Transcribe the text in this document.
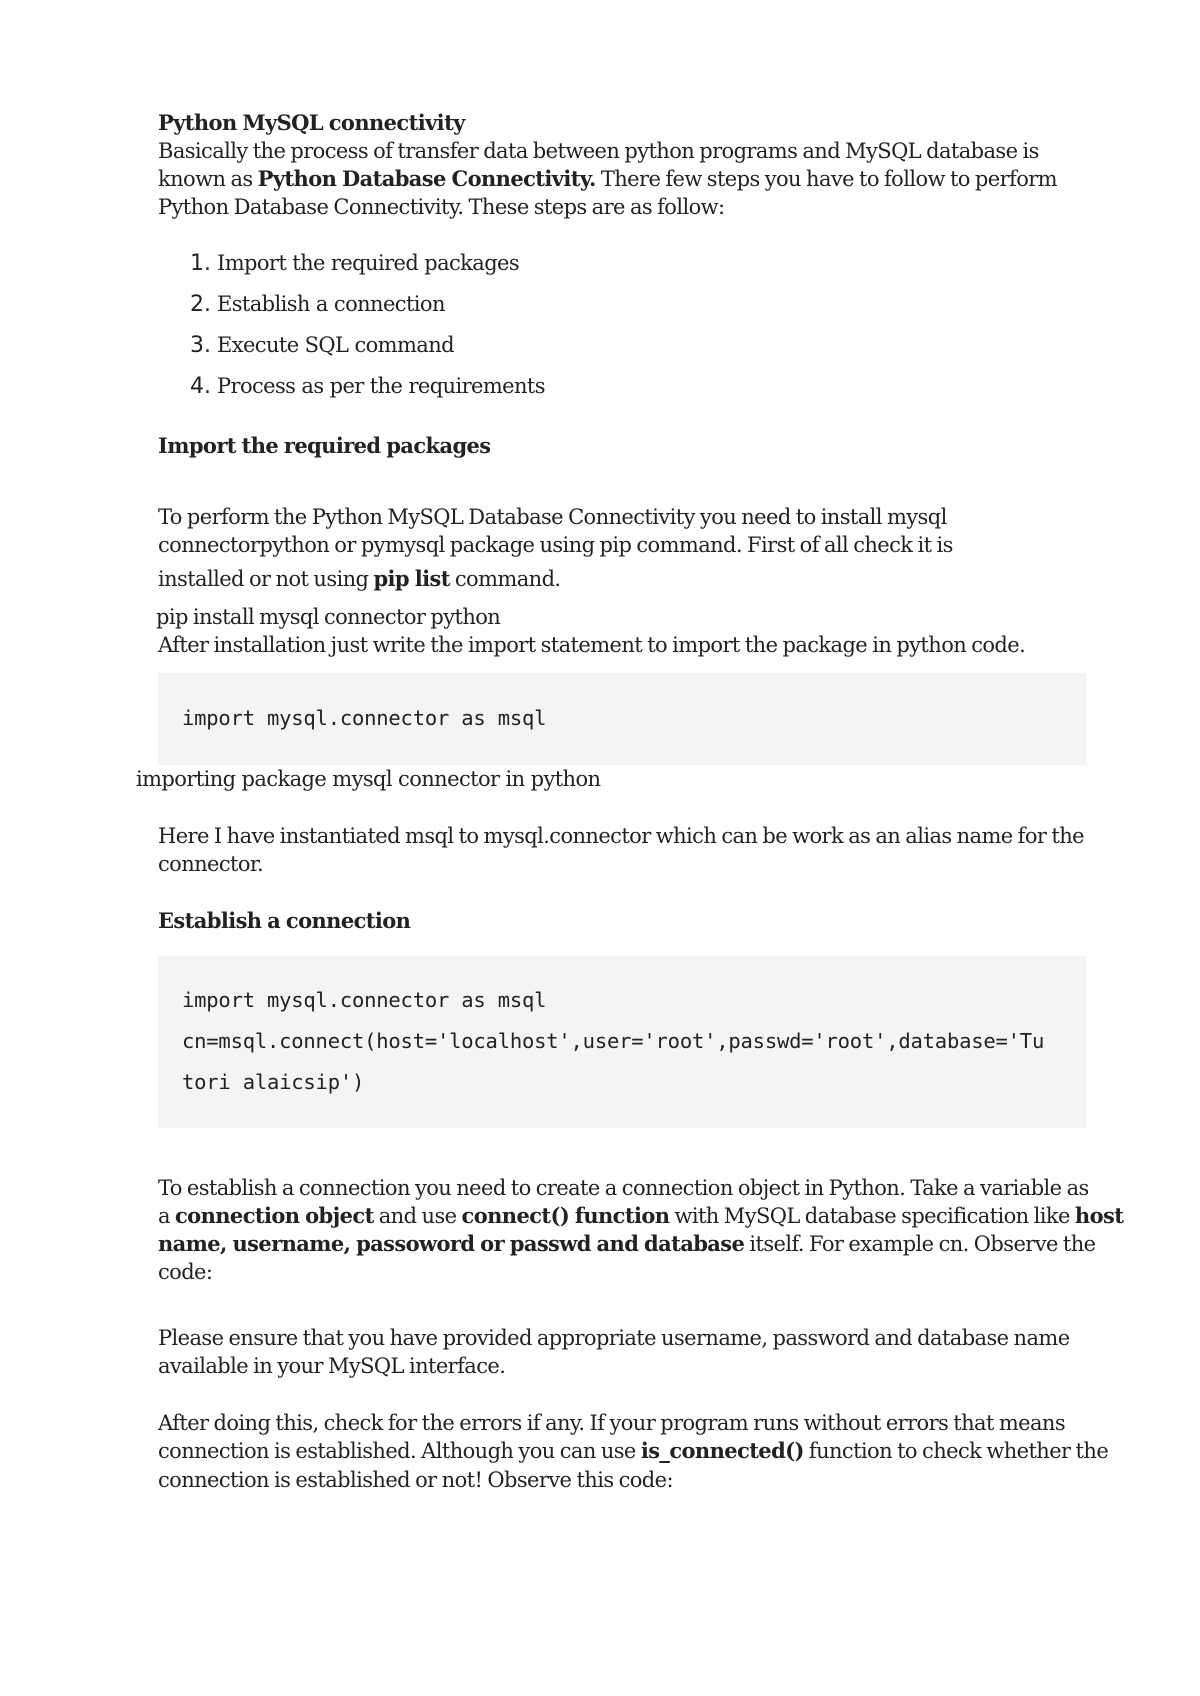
Python MySQL connectivity
Basically the process of transfer data between python programs and MySQL database is
known as Python Database Connectivity. There few steps you have to follow to perform
Python Database Connectivity. These steps are as follow:
1. Import the required packages
2. Establish a connection
3. Execute SQL command
4. Process as per the requirements
Import the required packages
To perform the Python MySQL Database Connectivity you need to install mysql
connectorpython or pymysql package using pip command. First of all check it is
installed or not using pip list command.
pip install mysql connector python
After installation just write the import statement to import the package in python code.
import mysql.connector as msql
importing package mysql connector in python
Here I have instantiated msql to mysql.connector which can be work as an alias name for the
connector.
Establish a connection
import mysql.connector as msql
cn=msql.connect(host='localhost',user='root',passwd='root',database='Tu
tori alaicsip')
To establish a connection you need to create a connection object in Python. Take a variable as
a connection object and use connect() function with MySQL database specification like host
name, username, passoword or passwd and database itself. For example cn. Observe the
code:
Please ensure that you have provided appropriate username, password and database name
available in your MySQL interface.
After doing this, check for the errors if any. If your program runs without errors that means
connection is established. Although you can use is_connected() function to check whether the
connection is established or not! Observe this code:
